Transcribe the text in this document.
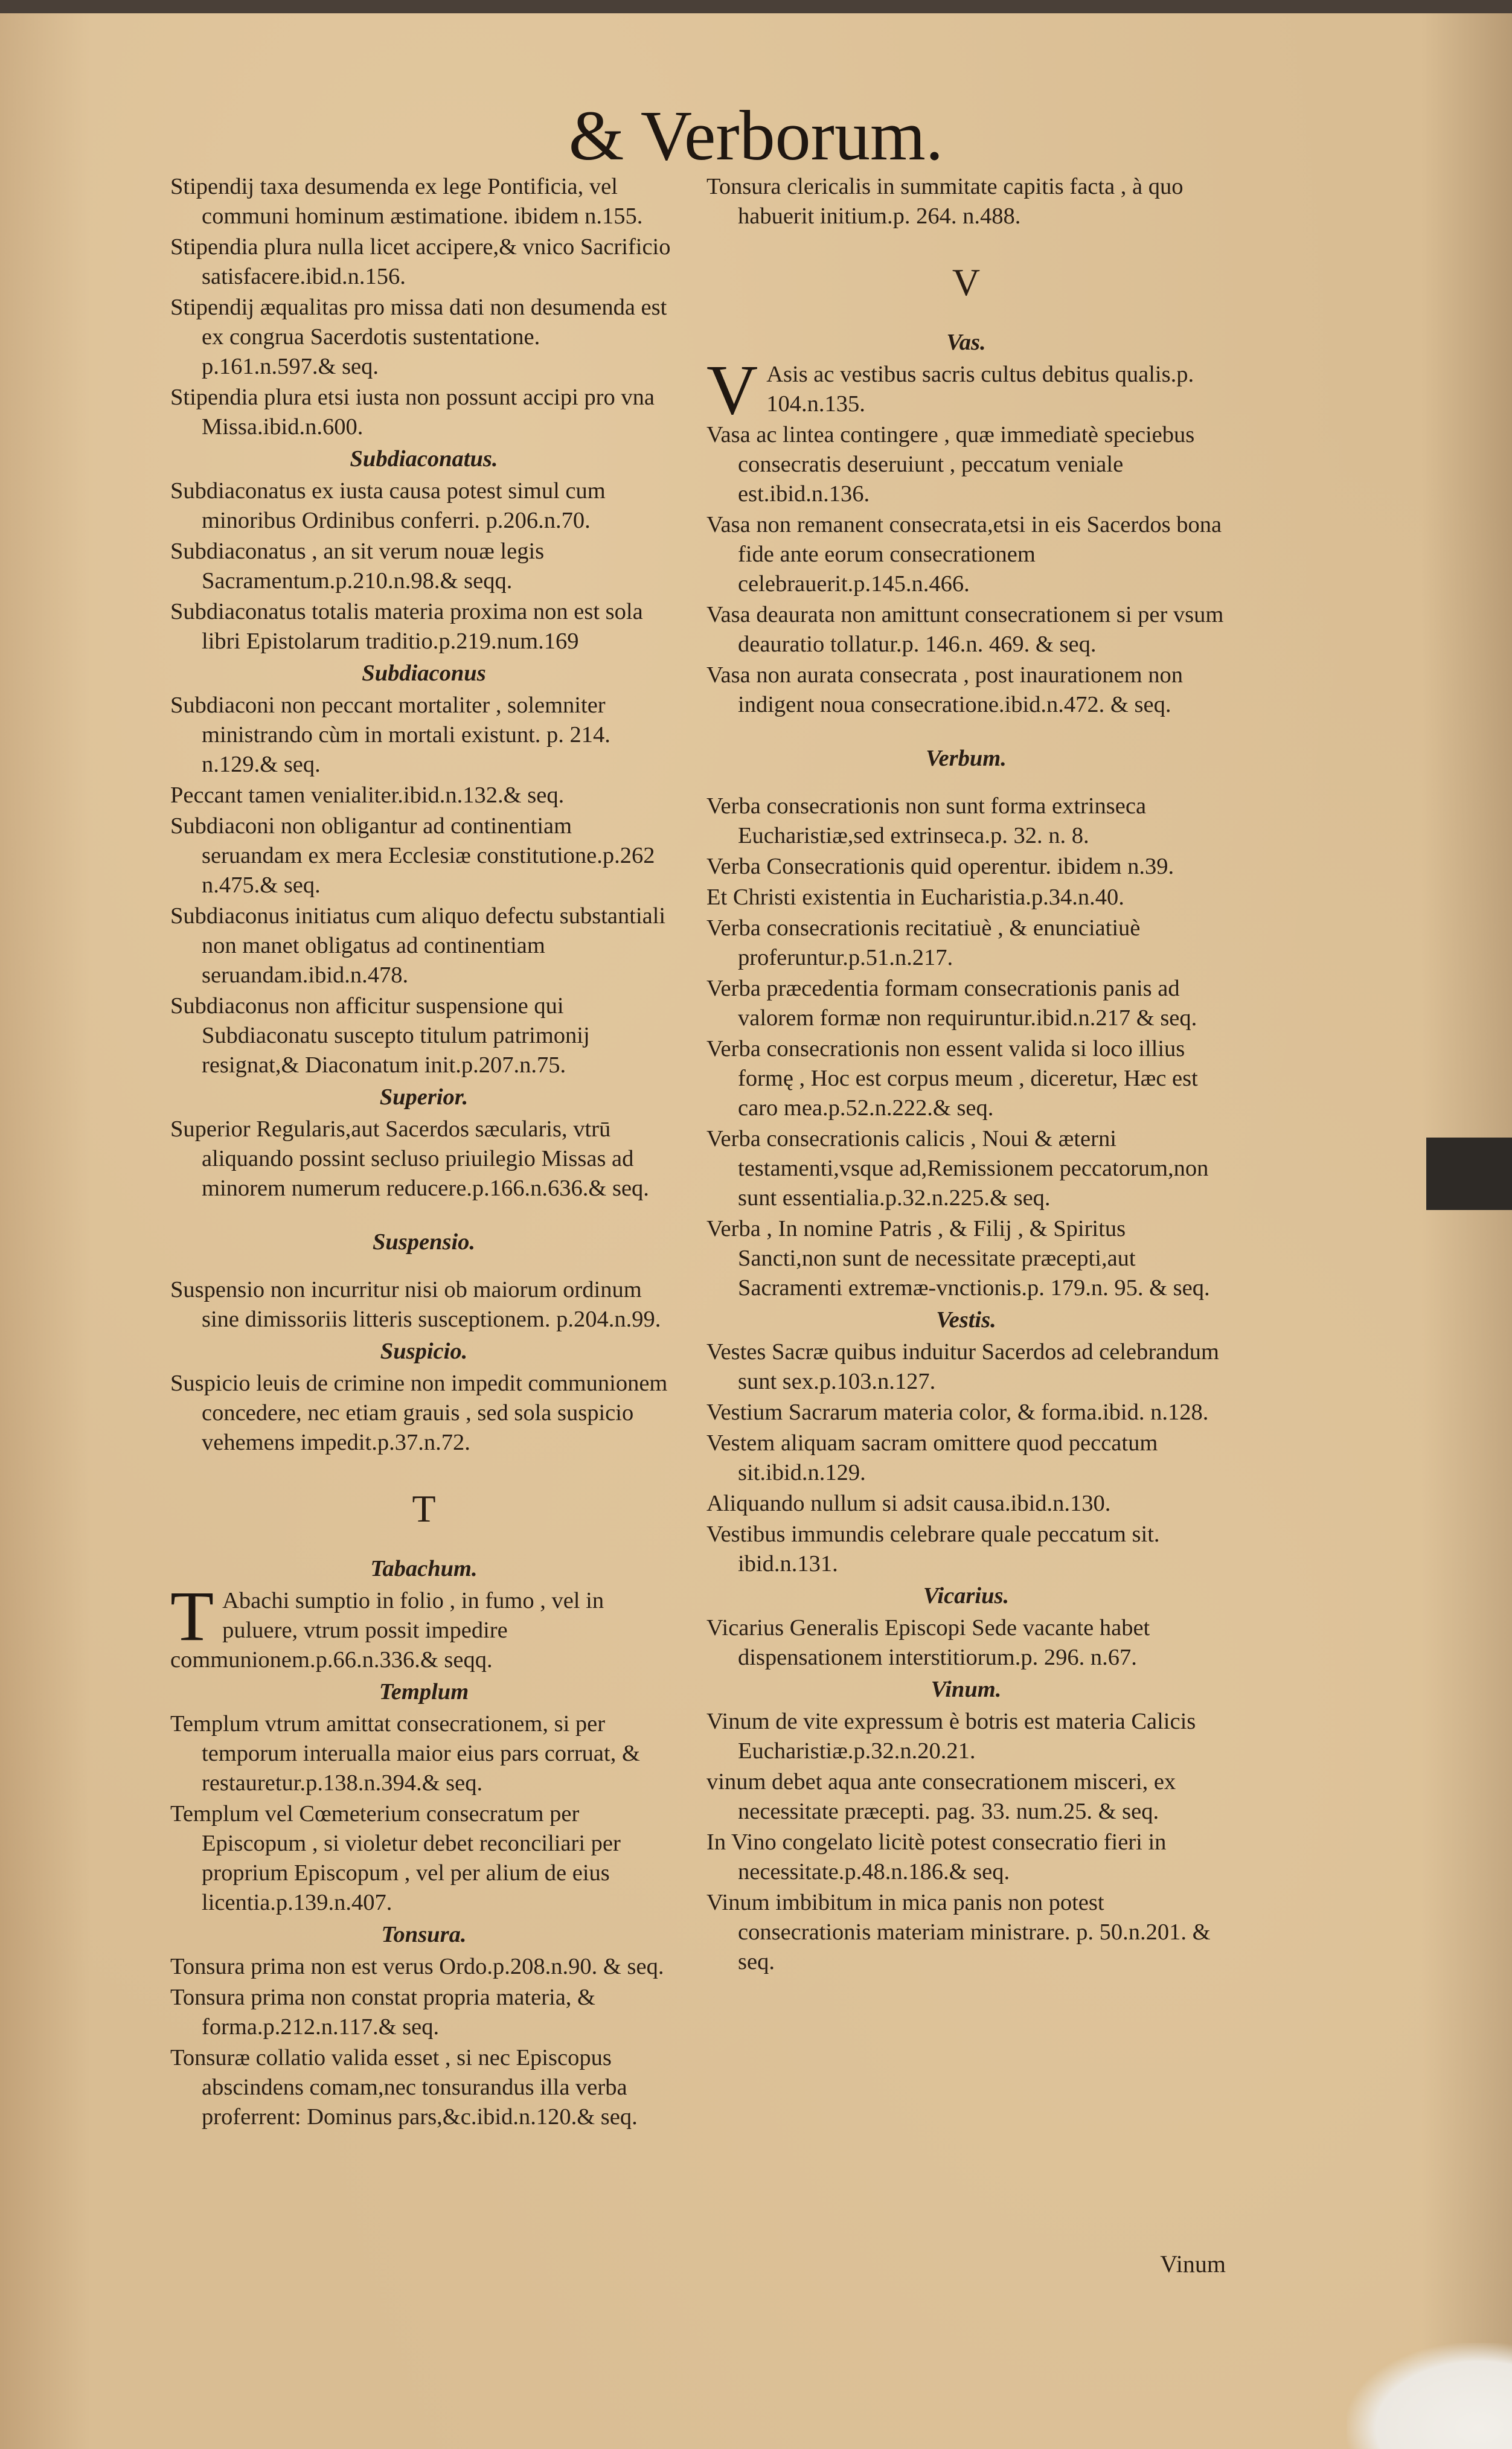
& Verborum.
Stipendij taxa desumenda ex lege Pontificia, vel communi hominum æstimatione. ibidem n.155.
Stipendia plura nulla licet accipere,& vnico Sacrificio satisfacere.ibid.n.156.
Stipendij æqualitas pro missa dati non desumenda est ex congrua Sacerdotis sustentatione. p.161.n.597.& seq.
Stipendia plura etsi iusta non possunt accipi pro vna Missa.ibid.n.600.
Subdiaconatus.
Subdiaconatus ex iusta causa potest simul cum minoribus Ordinibus conferri. p.206.n.70.
Subdiaconatus , an sit verum nouæ legis Sacramentum.p.210.n.98.& seqq.
Subdiaconatus totalis materia proxima non est sola libri Epistolarum traditio.p.219.num.169
Subdiaconus
Subdiaconi non peccant mortaliter , solemniter ministrando cùm in mortali existunt. p. 214. n.129.& seq.
Peccant tamen venialiter.ibid.n.132.& seq.
Subdiaconi non obligantur ad continentiam seruandam ex mera Ecclesiæ constitutione.p.262 n.475.& seq.
Subdiaconus initiatus cum aliquo defectu substantiali non manet obligatus ad continentiam seruandam.ibid.n.478.
Subdiaconus non afficitur suspensione qui Subdiaconatu suscepto titulum patrimonij resignat,& Diaconatum init.p.207.n.75.
Superior.
Superior Regularis,aut Sacerdos sæcularis, vtrū aliquando possint secluso priuilegio Missas ad minorem numerum reducere.p.166.n.636.& seq.
Suspensio.
Suspensio non incurritur nisi ob maiorum ordinum sine dimissoriis litteris susceptionem. p.204.n.99.
Suspicio.
Suspicio leuis de crimine non impedit communionem concedere, nec etiam grauis , sed sola suspicio vehemens impedit.p.37.n.72.
T
Tabachum.
T Abachi sumptio in folio , in fumo , vel in puluere, vtrum possit impedire communionem.p.66.n.336.& seqq.
Templum
Templum vtrum amittat consecrationem, si per temporum interualla maior eius pars corruat, & restauretur.p.138.n.394.& seq.
Templum vel Cœmeterium consecratum per Episcopum , si violetur debet reconciliari per proprium Episcopum , vel per alium de eius licentia.p.139.n.407.
Tonsura.
Tonsura prima non est verus Ordo.p.208.n.90. & seq.
Tonsura prima non constat propria materia, & forma.p.212.n.117.& seq.
Tonsuræ collatio valida esset , si nec Episcopus abscindens comam,nec tonsurandus illa verba proferrent: Dominus pars,&c.ibid.n.120.& seq.
Tonsura clericalis in summitate capitis facta , à quo habuerit initium.p. 264. n.488.
V
Vas.
V Asis ac vestibus sacris cultus debitus qualis.p. 104.n.135.
Vasa ac lintea contingere , quæ immediatè speciebus consecratis deseruiunt , peccatum veniale est.ibid.n.136.
Vasa non remanent consecrata,etsi in eis Sacerdos bona fide ante eorum consecrationem celebrauerit.p.145.n.466.
Vasa deaurata non amittunt consecrationem si per vsum deauratio tollatur.p. 146.n. 469. & seq.
Vasa non aurata consecrata , post inaurationem non indigent noua consecratione.ibid.n.472. & seq.
Verbum.
Verba consecrationis non sunt forma extrinseca Eucharistiæ,sed extrinseca.p. 32. n. 8.
Verba Consecrationis quid operentur. ibidem n.39.
Et Christi existentia in Eucharistia.p.34.n.40.
Verba consecrationis recitatiuè , & enunciatiuè proferuntur.p.51.n.217.
Verba præcedentia formam consecrationis panis ad valorem formæ non requiruntur.ibid.n.217 & seq.
Verba consecrationis non essent valida si loco illius formę , Hoc est corpus meum , diceretur, Hæc est caro mea.p.52.n.222.& seq.
Verba consecrationis calicis , Noui & æterni testamenti,vsque ad,Remissionem peccatorum,non sunt essentialia.p.32.n.225.& seq.
Verba , In nomine Patris , & Filij , & Spiritus Sancti,non sunt de necessitate præcepti,aut Sacramenti extremæ-vnctionis.p. 179.n. 95. & seq.
Vestis.
Vestes Sacræ quibus induitur Sacerdos ad celebrandum sunt sex.p.103.n.127.
Vestium Sacrarum materia color, & forma.ibid. n.128.
Vestem aliquam sacram omittere quod peccatum sit.ibid.n.129.
Aliquando nullum si adsit causa.ibid.n.130.
Vestibus immundis celebrare quale peccatum sit. ibid.n.131.
Vicarius.
Vicarius Generalis Episcopi Sede vacante habet dispensationem interstitiorum.p. 296. n.67.
Vinum.
Vinum de vite expressum è botris est materia Calicis Eucharistiæ.p.32.n.20.21.
vinum debet aqua ante consecrationem misceri, ex necessitate præcepti. pag. 33. num.25. & seq.
In Vino congelato licitè potest consecratio fieri in necessitate.p.48.n.186.& seq.
Vinum imbibitum in mica panis non potest consecrationis materiam ministrare. p. 50.n.201. & seq.
Vinum
